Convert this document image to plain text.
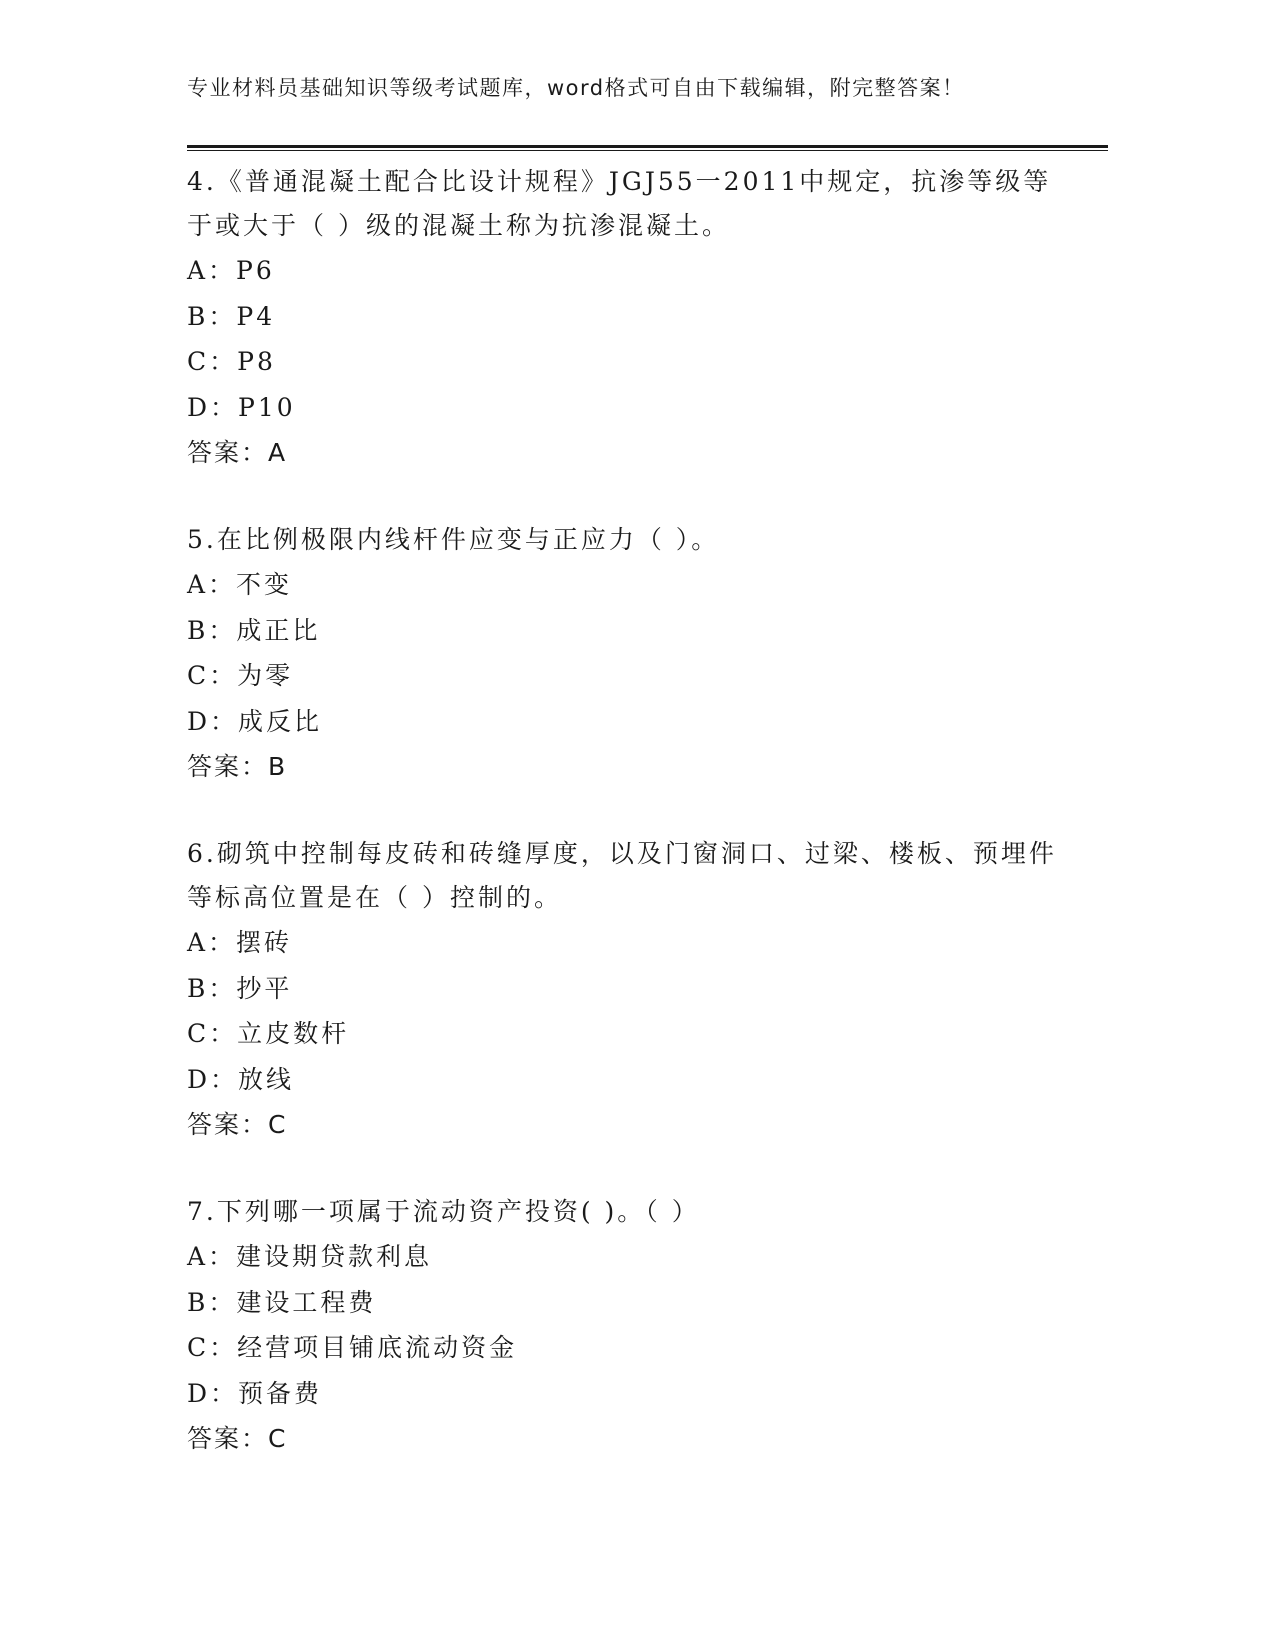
专业材料员基础知识等级考试题库，word格式可自由下载编辑，附完整答案！
4.《普通混凝土配合比设计规程》JGJ55一2011中规定，抗渗等级等于或大于（ ）级的混凝土称为抗渗混凝土。
A：P6
B：P4
C：P8
D：P10
答案：A
5.在比例极限内线杆件应变与正应力（ ）。
A：不变
B：成正比
C：为零
D：成反比
答案：B
6.砌筑中控制每皮砖和砖缝厚度，以及门窗洞口、过梁、楼板、预埋件等标高位置是在（ ）控制的。
A：摆砖
B：抄平
C：立皮数杆
D：放线
答案：C
7.下列哪一项属于流动资产投资( )。（ ）
A：建设期贷款利息
B：建设工程费
C：经营项目铺底流动资金
D：预备费
答案：C
